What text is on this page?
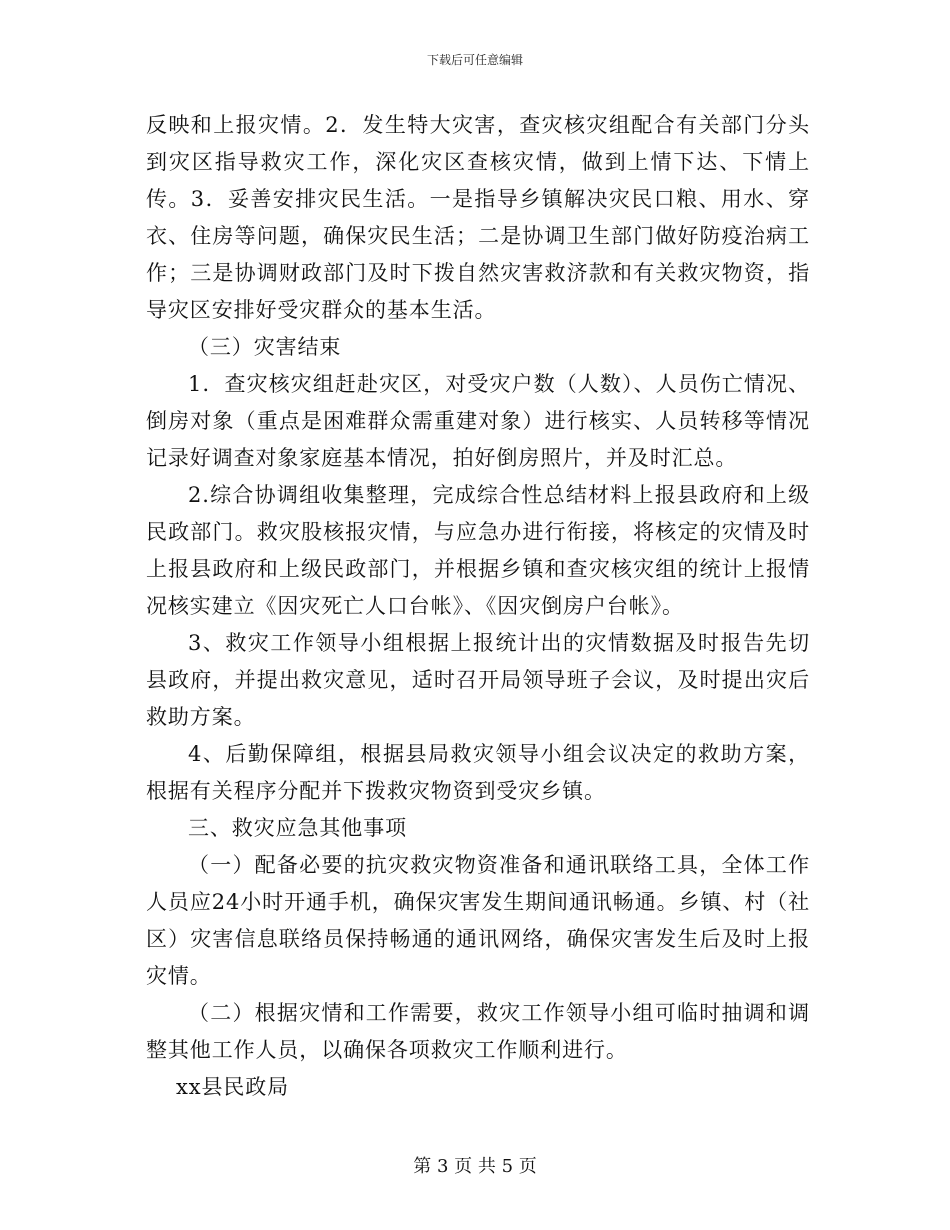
下载后可任意编辑

反映和上报灾情。2．发生特大灾害，查灾核灾组配合有关部门分头到灾区指导救灾工作，深化灾区查核灾情，做到上情下达、下情上传。3．妥善安排灾民生活。一是指导乡镇解决灾民口粮、用水、穿衣、住房等问题，确保灾民生活；二是协调卫生部门做好防疫治病工作；三是协调财政部门及时下拨自然灾害救济款和有关救灾物资，指导灾区安排好受灾群众的基本生活。

（三）灾害结束

1．查灾核灾组赶赴灾区，对受灾户数（人数）、人员伤亡情况、倒房对象（重点是困难群众需重建对象）进行核实、人员转移等情况记录好调查对象家庭基本情况，拍好倒房照片，并及时汇总。

2.综合协调组收集整理，完成综合性总结材料上报县政府和上级民政部门。救灾股核报灾情，与应急办进行衔接，将核定的灾情及时上报县政府和上级民政部门，并根据乡镇和查灾核灾组的统计上报情况核实建立《因灾死亡人口台帐》、《因灾倒房户台帐》。

3、救灾工作领导小组根据上报统计出的灾情数据及时报告先切县政府，并提出救灾意见，适时召开局领导班子会议，及时提出灾后救助方案。

4、后勤保障组，根据县局救灾领导小组会议决定的救助方案，根据有关程序分配并下拨救灾物资到受灾乡镇。

三、救灾应急其他事项

（一）配备必要的抗灾救灾物资准备和通讯联络工具，全体工作人员应24小时开通手机，确保灾害发生期间通讯畅通。乡镇、村（社区）灾害信息联络员保持畅通的通讯网络，确保灾害发生后及时上报灾情。

（二）根据灾情和工作需要，救灾工作领导小组可临时抽调和调整其他工作人员，以确保各项救灾工作顺利进行。

xx县民政局

第 3 页 共 5 页
